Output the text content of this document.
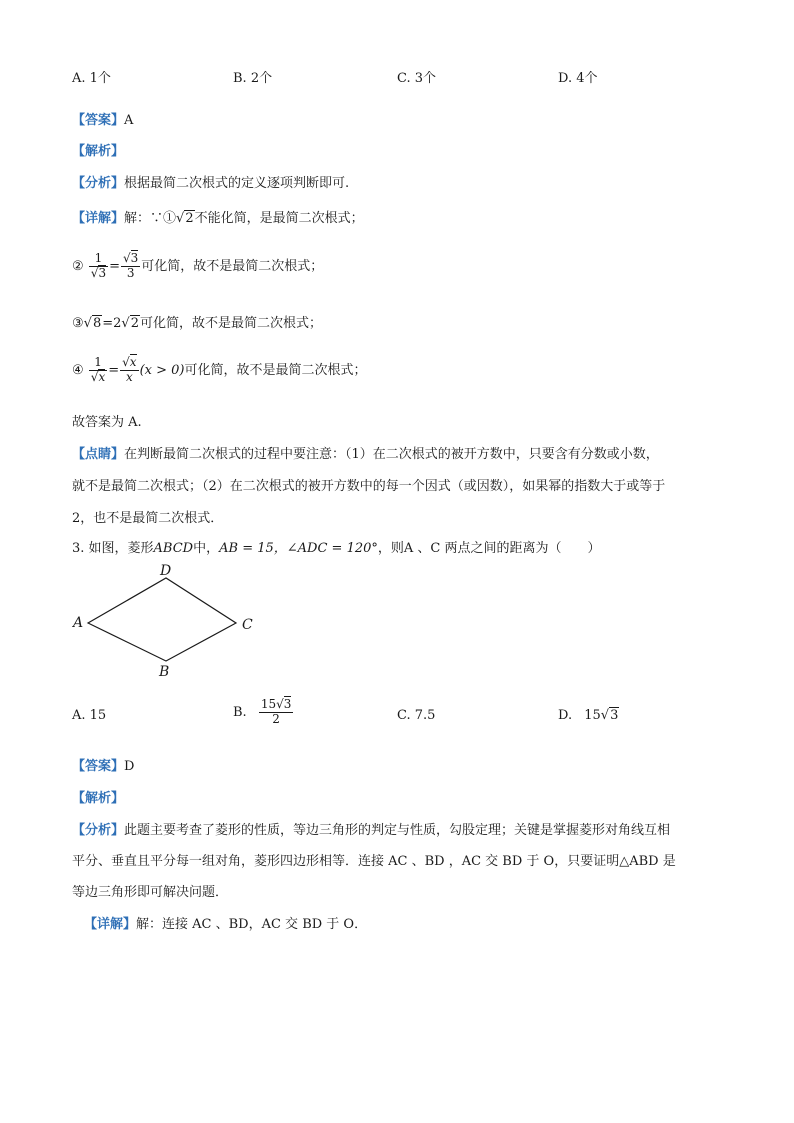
A. 1个	B. 2个	C. 3个	D. 4个
【答案】A
【解析】
【分析】根据最简二次根式的定义逐项判断即可.
【详解】解：∵①√2不能化简，是最简二次根式；
② $\frac{1}{√3} = \frac{√3}{3}$ 可化简，故不是最简二次根式；
③√8=2√2可化简，故不是最简二次根式；
④ $\frac{1}{√x} = \frac{√x}{x} (x > 0)$可化简，故不是最简二次根式；
故答案为 A.
【点睛】在判断最简二次根式的过程中要注意：（1）在二次根式的被开方数中，只要含有分数或小数，
就不是最简二次根式；（2）在二次根式的被开方数中的每一个因式（或因数），如果幂的指数大于或等于
2，也不是最简二次根式．
3. 如图，菱形ABCD中，AB = 15，∠ADC = 120°，则A 、C 两点之间的距离为（　　）
D
A	C
B
A. 15	B. $\frac{15√3}{2}$	C. 7.5	D. 15√3
【答案】D
【解析】
【分析】此题主要考查了菱形的性质，等边三角形的判定与性质，勾股定理；关键是掌握菱形对角线互相
平分、垂直且平分每一组对角，菱形四边形相等．连接 AC 、BD ，AC 交 BD 于 O，只要证明△ABD 是
等边三角形即可解决问题．
【详解】解：连接 AC 、BD，AC 交 BD 于 O．
